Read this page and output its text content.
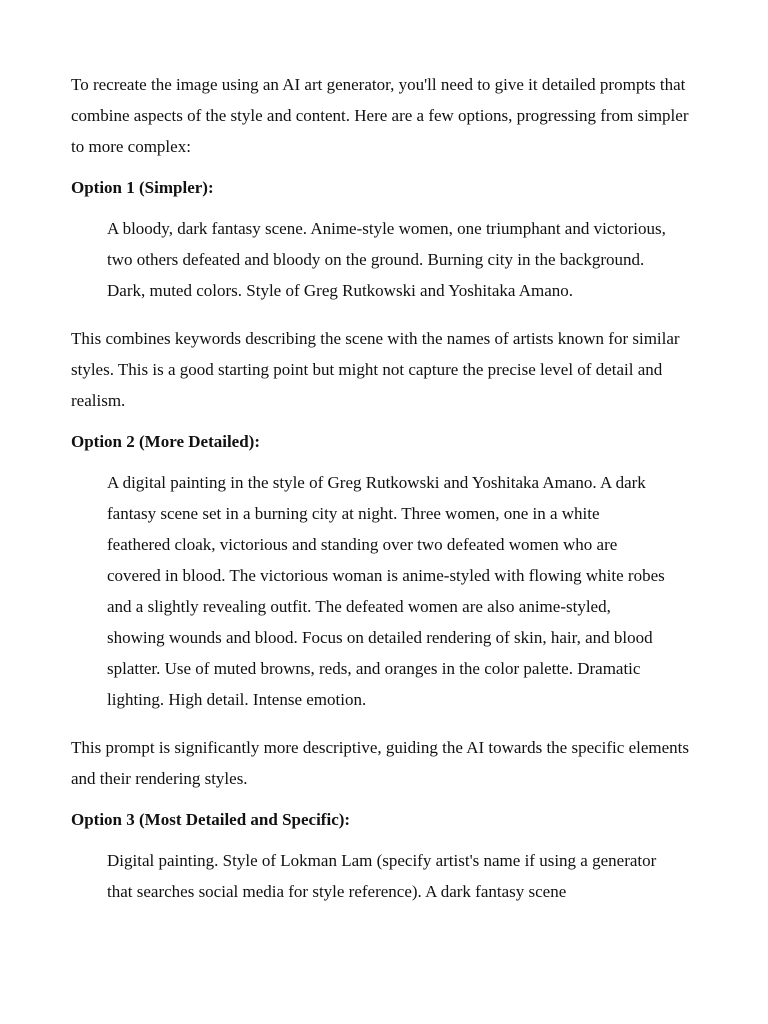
To recreate the image using an AI art generator, you'll need to give it detailed prompts that combine aspects of the style and content. Here are a few options, progressing from simpler to more complex:

Option 1 (Simpler):

A bloody, dark fantasy scene. Anime-style women, one triumphant and victorious, two others defeated and bloody on the ground. Burning city in the background. Dark, muted colors. Style of Greg Rutkowski and Yoshitaka Amano.

This combines keywords describing the scene with the names of artists known for similar styles. This is a good starting point but might not capture the precise level of detail and realism.

Option 2 (More Detailed):

A digital painting in the style of Greg Rutkowski and Yoshitaka Amano. A dark fantasy scene set in a burning city at night. Three women, one in a white feathered cloak, victorious and standing over two defeated women who are covered in blood. The victorious woman is anime-styled with flowing white robes and a slightly revealing outfit. The defeated women are also anime-styled, showing wounds and blood. Focus on detailed rendering of skin, hair, and blood splatter. Use of muted browns, reds, and oranges in the color palette. Dramatic lighting. High detail. Intense emotion.

This prompt is significantly more descriptive, guiding the AI towards the specific elements and their rendering styles.

Option 3 (Most Detailed and Specific):

Digital painting. Style of Lokman Lam (specify artist's name if using a generator that searches social media for style reference). A dark fantasy scene
